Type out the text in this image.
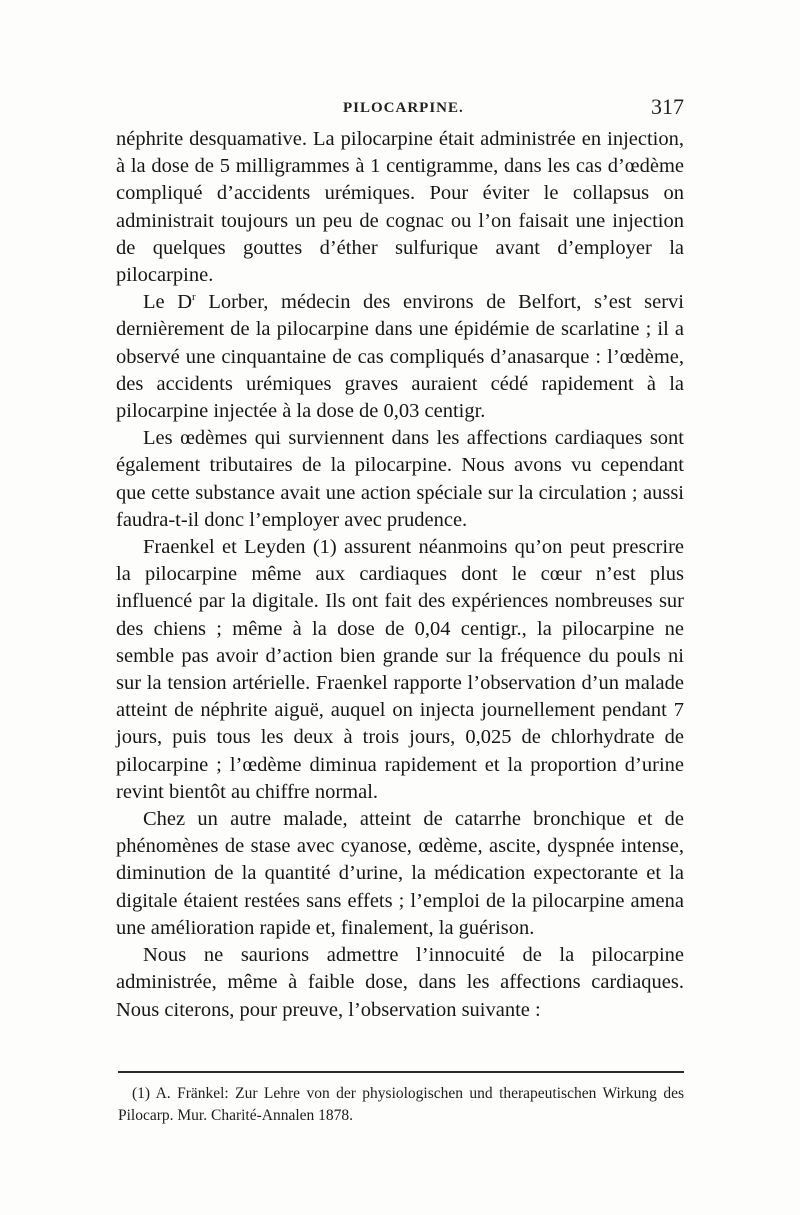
PILOCARPINE.	317

néphrite desquamative. La pilocarpine était administrée en injection, à la dose de 5 milligrammes à 1 centigramme, dans les cas d’œdème compliqué d’accidents urémiques. Pour éviter le collapsus on administrait toujours un peu de cognac ou l’on faisait une injection de quelques gouttes d’éther sulfurique avant d’employer la pilocarpine.

Le $D^r$ Lorber, médecin des environs de Belfort, s’est servi dernièrement de la pilocarpine dans une épidémie de scarlatine ; il a observé une cinquantaine de cas compliqués d’anasarque : l’œdème, des accidents urémiques graves auraient cédé rapidement à la pilocarpine injectée à la dose de 0,03 centigr.

Les œdèmes qui surviennent dans les affections cardiaques sont également tributaires de la pilocarpine. Nous avons vu cependant que cette substance avait une action spéciale sur la circulation ; aussi faudra-t-il donc l’employer avec prudence.

Fraenkel et Leyden (1) assurent néanmoins qu’on peut prescrire la pilocarpine même aux cardiaques dont le cœur n’est plus influencé par la digitale. Ils ont fait des expériences nombreuses sur des chiens ; même à la dose de 0,04 centigr., la pilocarpine ne semble pas avoir d’action bien grande sur la fréquence du pouls ni sur la tension artérielle. Fraenkel rapporte l’observation d’un malade atteint de néphrite aiguë, auquel on injecta journellement pendant 7 jours, puis tous les deux à trois jours, 0,025 de chlorhydrate de pilocarpine ; l’œdème diminua rapidement et la proportion d’urine revint bientôt au chiffre normal.

Chez un autre malade, atteint de catarrhe bronchique et de phénomènes de stase avec cyanose, œdème, ascite, dyspnée intense, diminution de la quantité d’urine, la médication expectorante et la digitale étaient restées sans effets ; l’emploi de la pilocarpine amena une amélioration rapide et, finalement, la guérison.

Nous ne saurions admettre l’innocuité de la pilocarpine administrée, même à faible dose, dans les affections cardiaques. Nous citerons, pour preuve, l’observation suivante :

(1) A. Fränkel: Zur Lehre von der physiologischen und therapeutischen Wirkung des Pilocarp. Mur. Charité-Annalen 1878.
